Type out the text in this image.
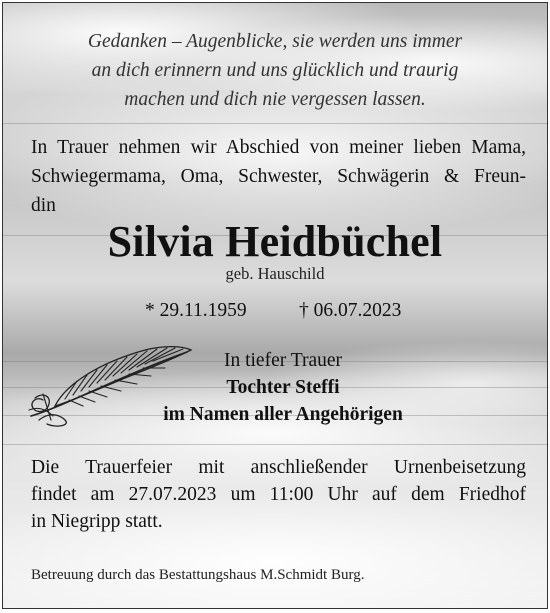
Gedanken – Augenblicke, sie werden uns immer
an dich erinnern und uns glücklich und traurig
machen und dich nie vergessen lassen.
In Trauer nehmen wir Abschied von meiner lieben Mama,
Schwiegermama, Oma, Schwester, Schwägerin & Freun-
din
Silvia Heidbüchel
geb. Hauschild
* 29.11.1959	† 06.07.2023
In tiefer Trauer
Tochter Steffi
im Namen aller Angehörigen
Die Trauerfeier mit anschließender Urnenbeisetzung
findet am 27.07.2023 um 11:00 Uhr auf dem Friedhof
in Niegripp statt.
Betreuung durch das Bestattungshaus M.Schmidt Burg.
